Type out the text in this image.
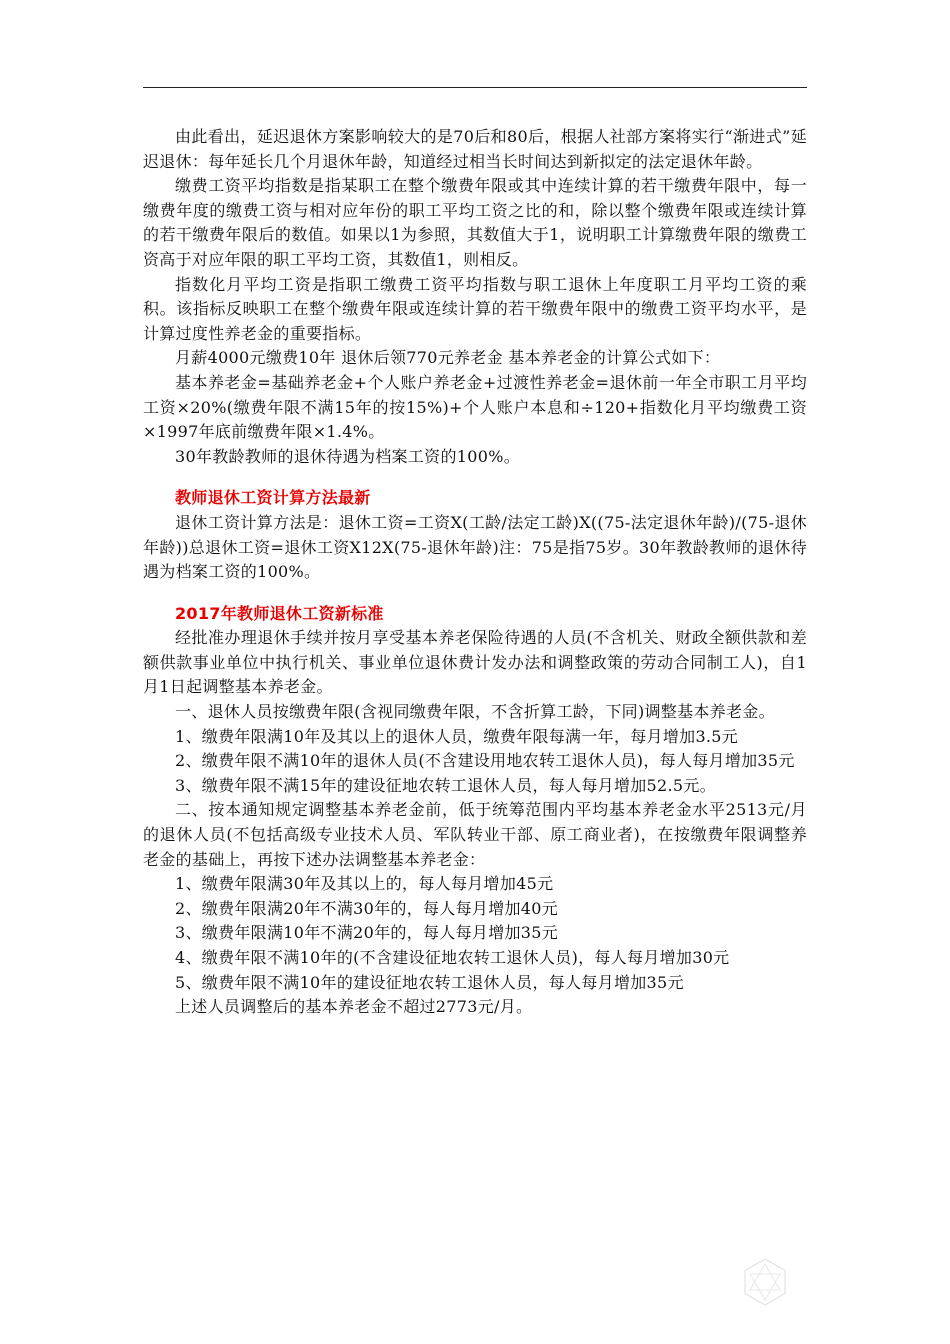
由此看出，延迟退休方案影响较大的是70后和80后，根据人社部方案将实行“渐进式”延迟退休：每年延长几个月退休年龄，知道经过相当长时间达到新拟定的法定退休年龄。

缴费工资平均指数是指某职工在整个缴费年限或其中连续计算的若干缴费年限中，每一缴费年度的缴费工资与相对应年份的职工平均工资之比的和，除以整个缴费年限或连续计算的若干缴费年限后的数值。如果以1为参照，其数值大于1，说明职工计算缴费年限的缴费工资高于对应年限的职工平均工资，其数值1，则相反。

指数化月平均工资是指职工缴费工资平均指数与职工退休上年度职工月平均工资的乘积。该指标反映职工在整个缴费年限或连续计算的若干缴费年限中的缴费工资平均水平，是计算过度性养老金的重要指标。

月薪4000元缴费10年 退休后领770元养老金 基本养老金的计算公式如下：

基本养老金=基础养老金+个人账户养老金+过渡性养老金=退休前一年全市职工月平均工资×20%(缴费年限不满15年的按15%)+个人账户本息和÷120+指数化月平均缴费工资×1997年底前缴费年限×1.4%。

30年教龄教师的退休待遇为档案工资的100%。

教师退休工资计算方法最新

退休工资计算方法是：退休工资=工资X(工龄/法定工龄)X((75-法定退休年龄)/(75-退休年龄))总退休工资=退休工资X12X(75-退休年龄)注：75是指75岁。30年教龄教师的退休待遇为档案工资的100%。

2017年教师退休工资新标准

经批准办理退休手续并按月享受基本养老保险待遇的人员(不含机关、财政全额供款和差额供款事业单位中执行机关、事业单位退休费计发办法和调整政策的劳动合同制工人)，自1月1日起调整基本养老金。

一、退休人员按缴费年限(含视同缴费年限，不含折算工龄，下同)调整基本养老金。

1、缴费年限满10年及其以上的退休人员，缴费年限每满一年，每月增加3.5元

2、缴费年限不满10年的退休人员(不含建设用地农转工退休人员)，每人每月增加35元

3、缴费年限不满15年的建设征地农转工退休人员，每人每月增加52.5元。

二、按本通知规定调整基本养老金前，低于统筹范围内平均基本养老金水平2513元/月的退休人员(不包括高级专业技术人员、军队转业干部、原工商业者)，在按缴费年限调整养老金的基础上，再按下述办法调整基本养老金：

1、缴费年限满30年及其以上的，每人每月增加45元

2、缴费年限满20年不满30年的，每人每月增加40元

3、缴费年限满10年不满20年的，每人每月增加35元

4、缴费年限不满10年的(不含建设征地农转工退休人员)，每人每月增加30元

5、缴费年限不满10年的建设征地农转工退休人员，每人每月增加35元

上述人员调整后的基本养老金不超过2773元/月。
